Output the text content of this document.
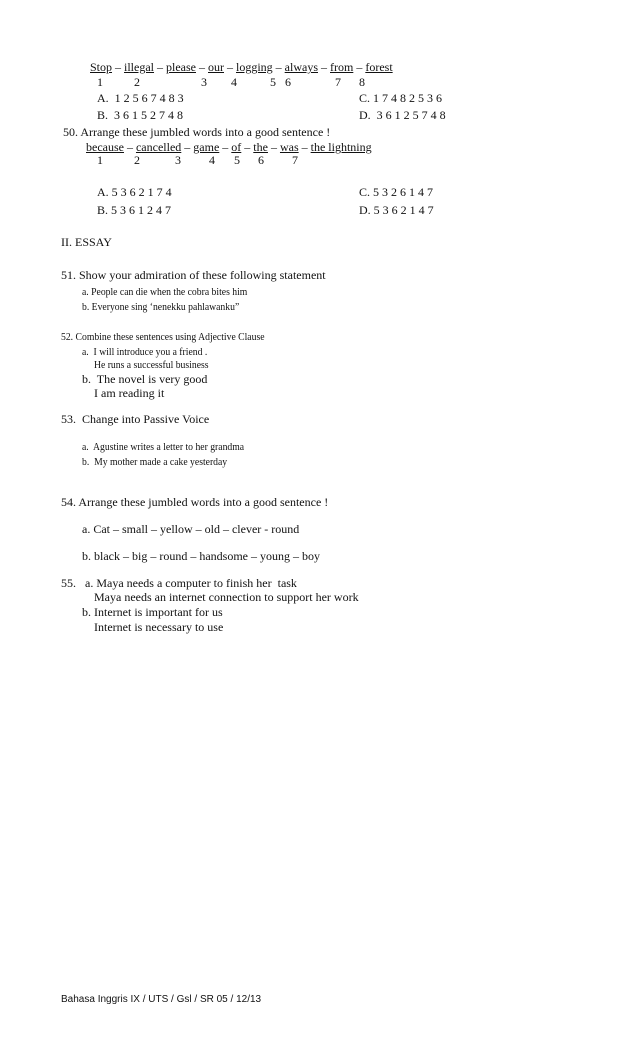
Stop – illegal – please – our – logging – always – from – forest
1	2	3 4	5 6	7 8
A.  1 2 5 6 7 4 8 3	C. 1 7 4 8 2 5 3 6
B.  3 6 1 5 2 7 4 8	D.  3 6 1 2 5 7 4 8
50. Arrange these jumbled words into a good sentence !
because – cancelled – game – of – the – was – the lightning
1	2	3 4 5 6 7
A. 5 3 6 2 1 7 4	C. 5 3 2 6 1 4 7
B. 5 3 6 1 2 4 7	D. 5 3 6 2 1 4 7
II. ESSAY
51. Show your admiration of these following statement
a. People can die when the cobra bites him
b. Everyone sing ‘nenekku pahlawanku”
52. Combine these sentences using Adjective Clause
a.  I will introduce you a friend .
He runs a successful business
b.  The novel is very good
I am reading it
53.  Change into Passive Voice
a.  Agustine writes a letter to her grandma
b.  My mother made a cake yesterday
54. Arrange these jumbled words into a good sentence !
a. Cat – small – yellow – old – clever - round
b. black – big – round – handsome – young – boy
55.   a. Maya needs a computer to finish her  task
Maya needs an internet connection to support her work
b. Internet is important for us
Internet is necessary to use
Bahasa Inggris IX / UTS / Gsl / SR 05 / 12/13
